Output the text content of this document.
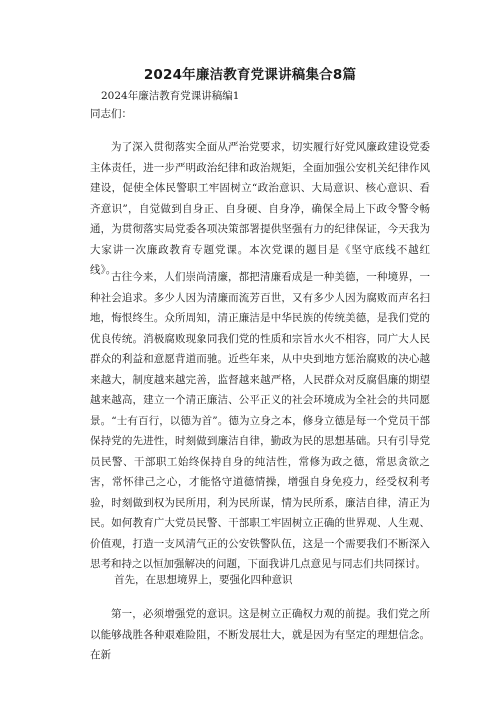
2024年廉洁教育党课讲稿集合8篇

2024年廉洁教育党课讲稿编1

同志们：

为了深入贯彻落实全面从严治党要求，切实履行好党风廉政建设党委主体责任，进一步严明政治纪律和政治规矩，全面加强公安机关纪律作风建设，促使全体民警职工牢固树立“政治意识、大局意识、核心意识、看齐意识”，自觉做到自身正、自身硬、自身净，确保全局上下政令警令畅通，为贯彻落实局党委各项决策部署提供坚强有力的纪律保证，今天我为大家讲一次廉政教育专题党课。本次党课的题目是《坚守底线不越红线》。

古往今来，人们崇尚清廉，都把清廉看成是一种美德，一种境界，一种社会追求。多少人因为清廉而流芳百世，又有多少人因为腐败而声名扫地，悔恨终生。众所周知，清正廉洁是中华民族的传统美德，是我们党的优良传统。消极腐败现象同我们党的性质和宗旨水火不相容，同广大人民群众的利益和意愿背道而驰。近些年来，从中央到地方惩治腐败的决心越来越大，制度越来越完善，监督越来越严格，人民群众对反腐倡廉的期望越来越高，建立一个清正廉洁、公平正义的社会环境成为全社会的共同愿景。“士有百行，以德为首”。德为立身之本，修身立德是每一个党员干部保持党的先进性，时刻做到廉洁自律，勤政为民的思想基础。只有引导党员民警、干部职工始终保持自身的纯洁性，常修为政之德，常思贪欲之害，常怀律己之心，才能恪守道德情操，增强自身免疫力，经受权利考验，时刻做到权为民所用，利为民所谋，情为民所系，廉洁自律，清正为民。如何教育广大党员民警、干部职工牢固树立正确的世界观、人生观、价值观，打造一支风清气正的公安铁警队伍，这是一个需要我们不断深入思考和持之以恒加强解决的问题，下面我讲几点意见与同志们共同探讨。

首先，在思想境界上，要强化四种意识

第一，必须增强党的意识。这是树立正确权力观的前提。我们党之所以能够战胜各种艰难险阻，不断发展壮大，就是因为有坚定的理想信念。在新
